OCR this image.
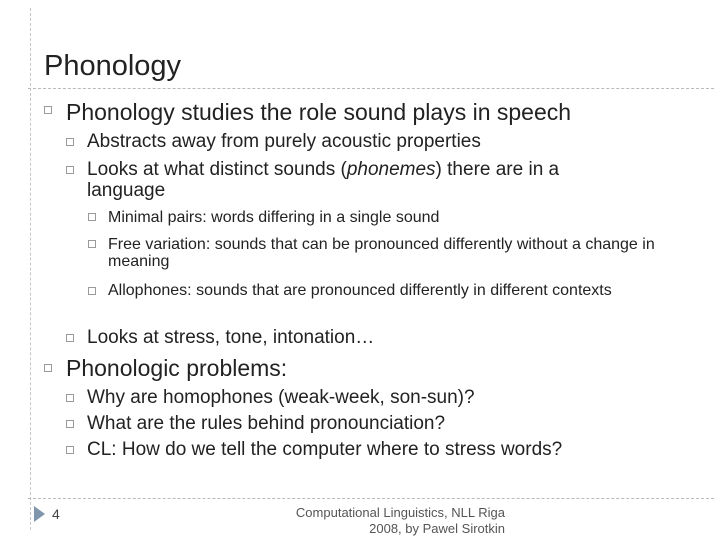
Phonology
Phonology studies the role sound plays in speech
Abstracts away from purely acoustic properties
Looks at what distinct sounds (phonemes) there are in a language
Minimal pairs: words differing in a single sound
Free variation: sounds that can be pronounced differently without a change in meaning
Allophones: sounds that are pronounced differently in different contexts
Looks at stress, tone, intonation…
Phonologic problems:
Why are homophones (weak-week, son-sun)?
What are the rules behind pronounciation?
CL: How do we tell the computer where to stress words?
4	Computational Linguistics, NLL Riga
2008, by Pawel Sirotkin
